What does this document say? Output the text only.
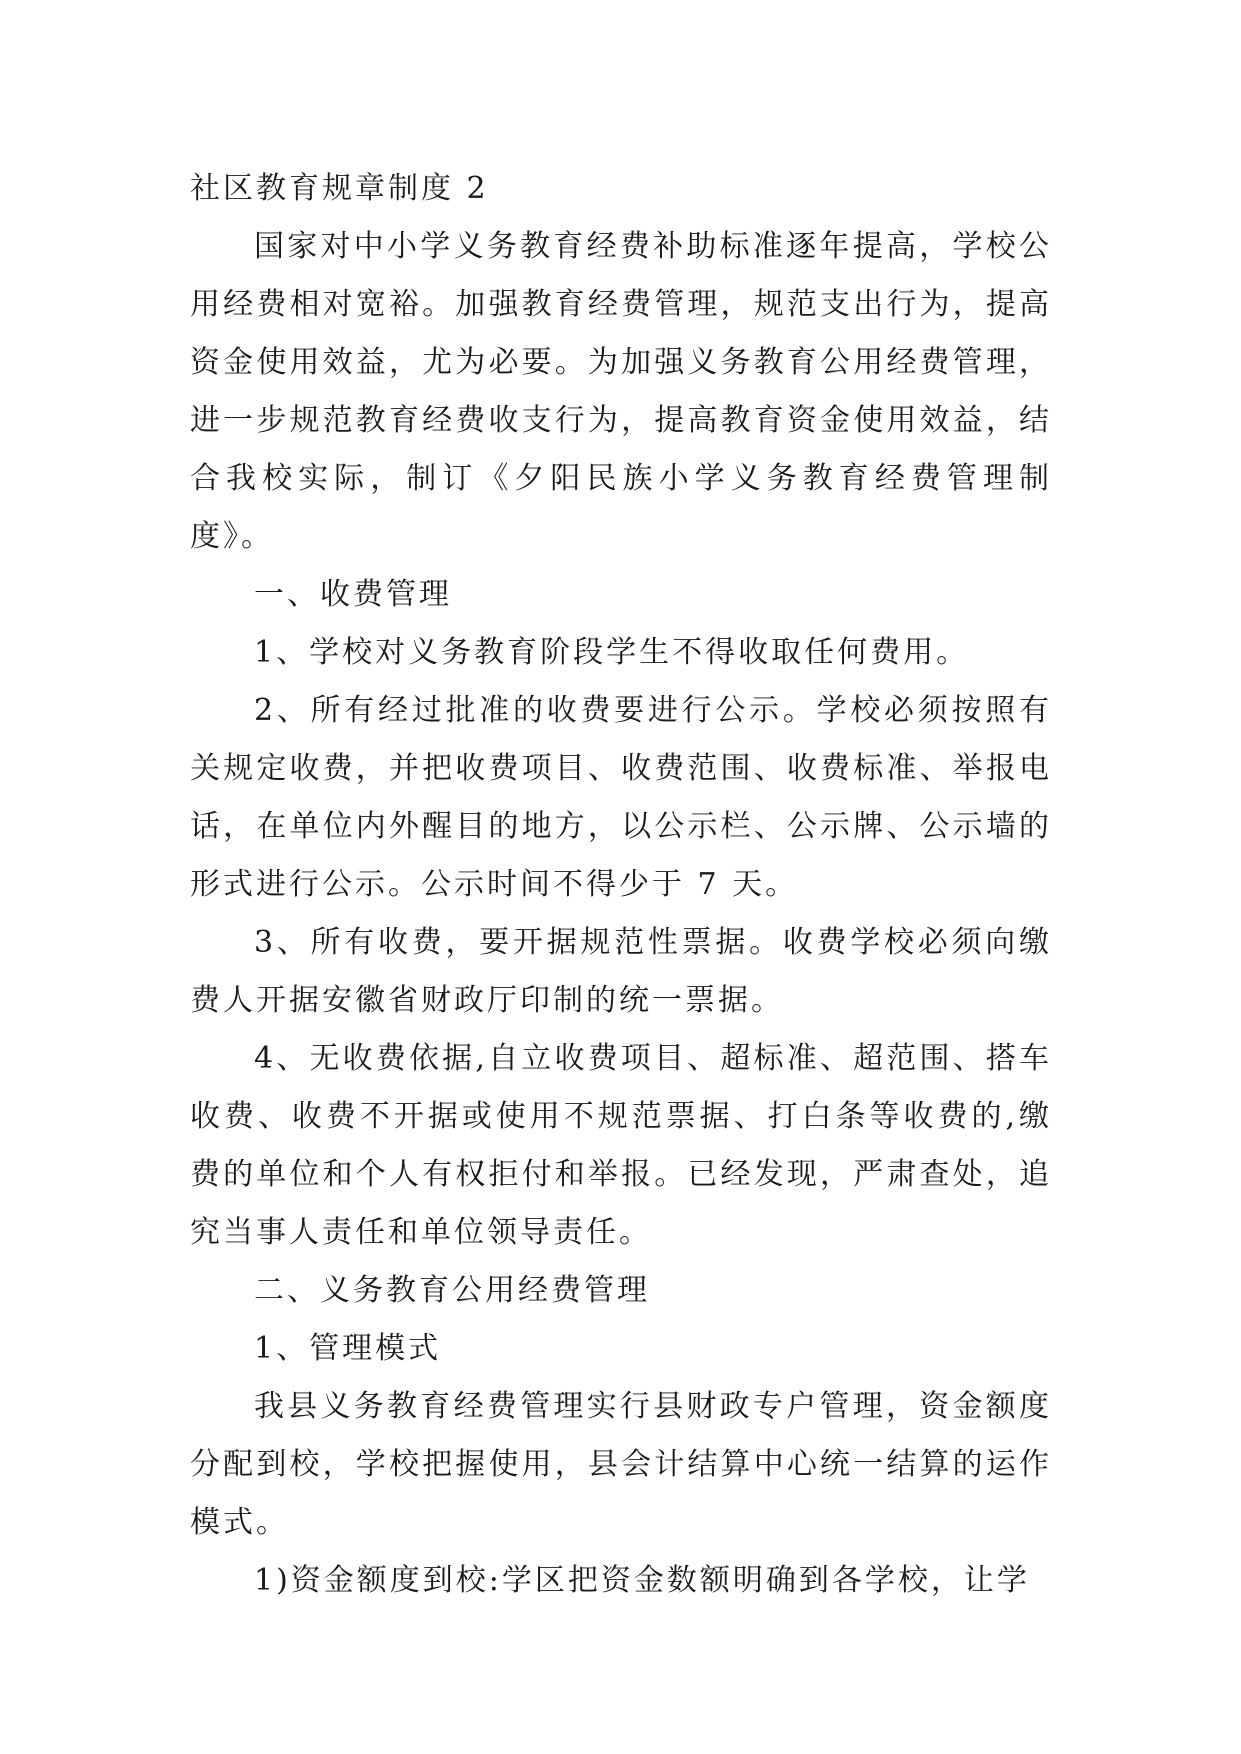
社区教育规章制度 2

国家对中小学义务教育经费补助标准逐年提高，学校公用经费相对宽裕。加强教育经费管理，规范支出行为，提高资金使用效益，尤为必要。为加强义务教育公用经费管理，进一步规范教育经费收支行为，提高教育资金使用效益，结合我校实际，制订《夕阳民族小学义务教育经费管理制度》。

一、收费管理

1、学校对义务教育阶段学生不得收取任何费用。

2、所有经过批准的收费要进行公示。学校必须按照有关规定收费，并把收费项目、收费范围、收费标准、举报电话，在单位内外醒目的地方，以公示栏、公示牌、公示墙的形式进行公示。公示时间不得少于 7 天。

3、所有收费，要开据规范性票据。收费学校必须向缴费人开据安徽省财政厅印制的统一票据。

4、无收费依据,自立收费项目、超标准、超范围、搭车收费、收费不开据或使用不规范票据、打白条等收费的,缴费的单位和个人有权拒付和举报。已经发现，严肃查处，追究当事人责任和单位领导责任。

二、义务教育公用经费管理

1、管理模式

我县义务教育经费管理实行县财政专户管理，资金额度分配到校，学校把握使用，县会计结算中心统一结算的运作模式。

1)资金额度到校:学区把资金数额明确到各学校，让学
